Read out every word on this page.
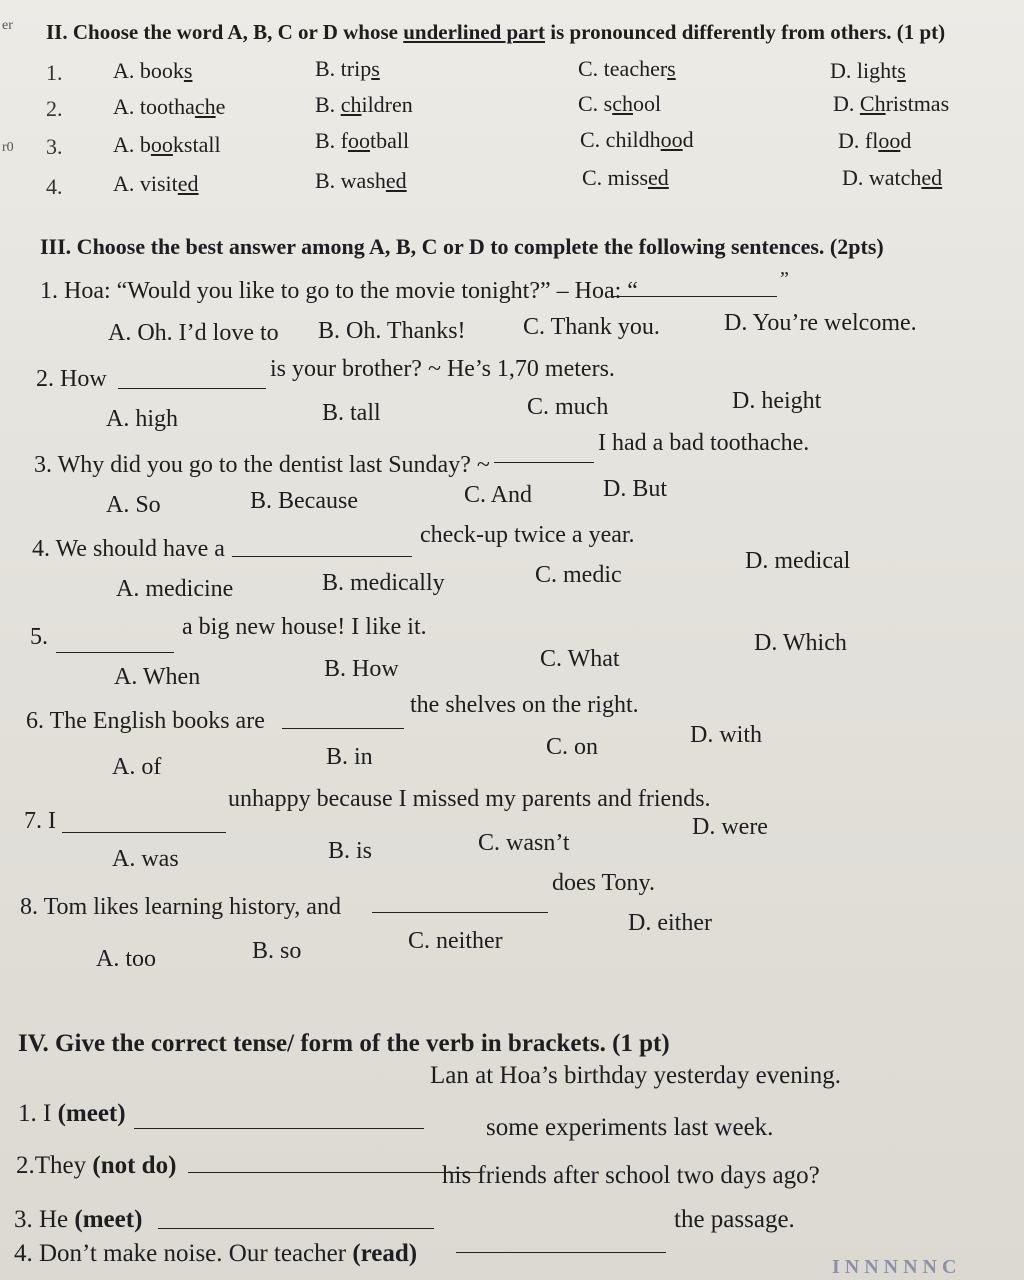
er
r0
II. Choose the word A, B, C or D whose underlined part is pronounced differently from others. (1 pt)
1. A. books	B. trips	C. teachers	D. lights
2. A. toothache	B. children	C. school	D. Christmas
3. A. bookstall	B. football	C. childhood	D. flood
4. A. visited	B. washed	C. missed	D. watched
III. Choose the best answer among A, B, C or D to complete the following sentences. (2pts)
1. Hoa: “Would you like to go to the movie tonight?” – Hoa: “	”
A. Oh. I’d love to B. Oh. Thanks! C. Thank you.	D. You’re welcome.
2. How	is your brother? ~ He’s 1,70 meters.
A. high	B. tall	C. much	D. height
3. Why did you go to the dentist last Sunday? ~
I had a bad toothache.
A. So	B. Because	C. And	D. But
4. We should have a
check-up twice a year.
A. medicine	B. medically	C. medic
D. medical
5.	a big new house! I like it.
A. When	B. How	C. What
D. Which
6. The English books are
the shelves on the right.
A. of	B. in	C. on	D. with
7. I
unhappy because I missed my parents and friends.
A. was	B. is	C. wasn’t
D. were
8. Tom likes learning history, and
does Tony.
A. too	B. so	C. neither
D. either
IV. Give the correct tense/ form of the verb in brackets. (1 pt)
1. I (meet)
Lan at Hoa’s birthday yesterday evening.
2.They (not do)
some experiments last week.
3. He (meet)
his friends after school two days ago?
4. Don’t make noise. Our teacher (read)
the passage.
I N N N N N C
